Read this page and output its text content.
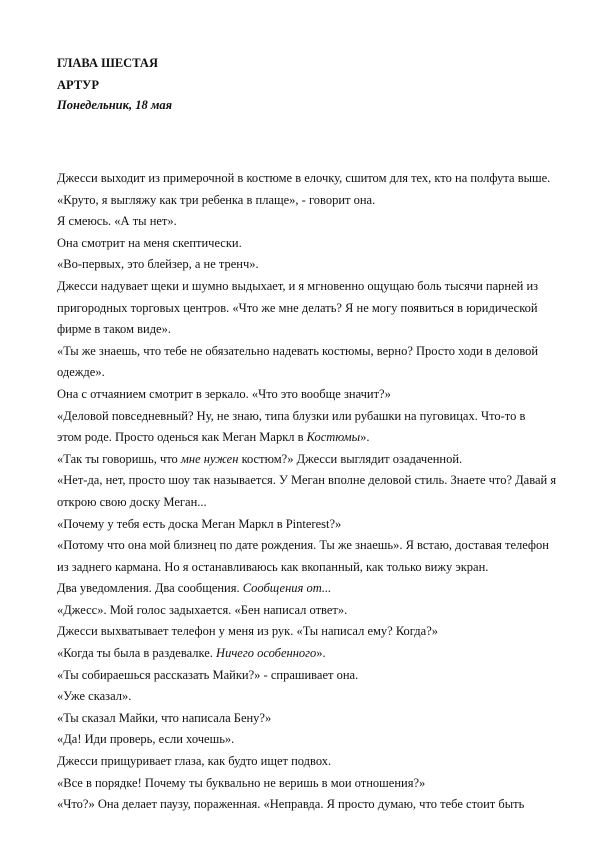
ГЛАВА ШЕСТАЯ
АРТУР
Понедельник, 18 мая
Джесси выходит из примерочной в костюме в елочку, сшитом для тех, кто на полфута выше.
«Круто, я выгляжу как три ребенка в плаще», - говорит она.
Я смеюсь. «А ты нет».
Она смотрит на меня скептически.
«Во-первых, это блейзер, а не тренч».
Джесси надувает щеки и шумно выдыхает, и я мгновенно ощущаю боль тысячи парней из
пригородных торговых центров. «Что же мне делать? Я не могу появиться в юридической
фирме в таком виде».
«Ты же знаешь, что тебе не обязательно надевать костюмы, верно? Просто ходи в деловой
одежде».
Она с отчаянием смотрит в зеркало. «Что это вообще значит?»
«Деловой повседневный? Ну, не знаю, типа блузки или рубашки на пуговицах. Что-то в
этом роде. Просто оденься как Меган Маркл в Костюмы».
«Так ты говоришь, что мне нужен костюм?» Джесси выглядит озадаченной.
«Нет-да, нет, просто шоу так называется. У Меган вполне деловой стиль. Знаете что? Давай я
открою свою доску Меган...
«Почему у тебя есть доска Меган Маркл в Pinterest?»
«Потому что она мой близнец по дате рождения. Ты же знаешь». Я встаю, доставая телефон
из заднего кармана. Но я останавливаюсь как вкопанный, как только вижу экран.
Два уведомления. Два сообщения. Сообщения от...
«Джесс». Мой голос задыхается. «Бен написал ответ».
Джесси выхватывает телефон у меня из рук. «Ты написал ему? Когда?»
«Когда ты была в раздевалке. Ничего особенного».
«Ты собираешься рассказать Майки?» - спрашивает она.
«Уже сказал».
«Ты сказал Майки, что написала Бену?»
«Да! Иди проверь, если хочешь».
Джесси прищуривает глаза, как будто ищет подвох.
«Все в порядке! Почему ты буквально не веришь в мои отношения?»
«Что?» Она делает паузу, пораженная. «Неправда. Я просто думаю, что тебе стоит быть
